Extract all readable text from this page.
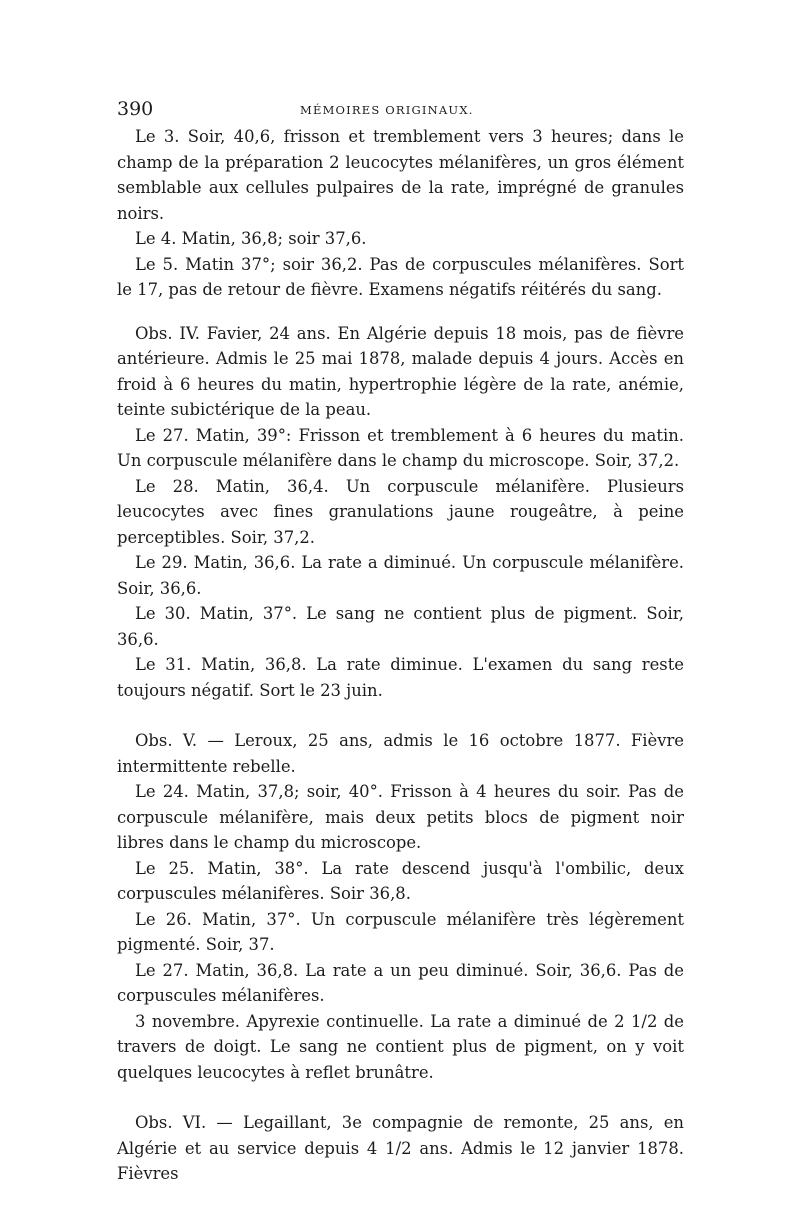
390	MÉMOIRES ORIGINAUX.

Le 3. Soir, 40,6, frisson et tremblement vers 3 heures; dans le champ de la préparation 2 leucocytes mélanifères, un gros élément semblable aux cellules pulpaires de la rate, imprégné de granules noirs.

Le 4. Matin, 36,8; soir 37,6.

Le 5. Matin 37°; soir 36,2. Pas de corpuscules mélanifères. Sort le 17, pas de retour de fièvre. Examens négatifs réitérés du sang.

Obs. IV. Favier, 24 ans. En Algérie depuis 18 mois, pas de fièvre antérieure. Admis le 25 mai 1878, malade depuis 4 jours. Accès en froid à 6 heures du matin, hypertrophie légère de la rate, anémie, teinte subictérique de la peau.

Le 27. Matin, 39°: Frisson et tremblement à 6 heures du matin. Un corpuscule mélanifère dans le champ du microscope. Soir, 37,2.

Le 28. Matin, 36,4. Un corpuscule mélanifère. Plusieurs leucocytes avec fines granulations jaune rougeâtre, à peine perceptibles. Soir, 37,2.

Le 29. Matin, 36,6. La rate a diminué. Un corpuscule mélanifère. Soir, 36,6.

Le 30. Matin, 37°. Le sang ne contient plus de pigment. Soir, 36,6.

Le 31. Matin, 36,8. La rate diminue. L'examen du sang reste toujours négatif. Sort le 23 juin.

Obs. V. — Leroux, 25 ans, admis le 16 octobre 1877. Fièvre intermittente rebelle.

Le 24. Matin, 37,8; soir, 40°. Frisson à 4 heures du soir. Pas de corpuscule mélanifère, mais deux petits blocs de pigment noir libres dans le champ du microscope.

Le 25. Matin, 38°. La rate descend jusqu'à l'ombilic, deux corpuscules mélanifères. Soir 36,8.

Le 26. Matin, 37°. Un corpuscule mélanifère très légèrement pigmenté. Soir, 37.

Le 27. Matin, 36,8. La rate a un peu diminué. Soir, 36,6. Pas de corpuscules mélanifères.

3 novembre. Apyrexie continuelle. La rate a diminué de 2 1/2 de travers de doigt. Le sang ne contient plus de pigment, on y voit quelques leucocytes à reflet brunâtre.

Obs. VI. — Legaillant, 3e compagnie de remonte, 25 ans, en Algérie et au service depuis 4 1/2 ans. Admis le 12 janvier 1878. Fièvres
